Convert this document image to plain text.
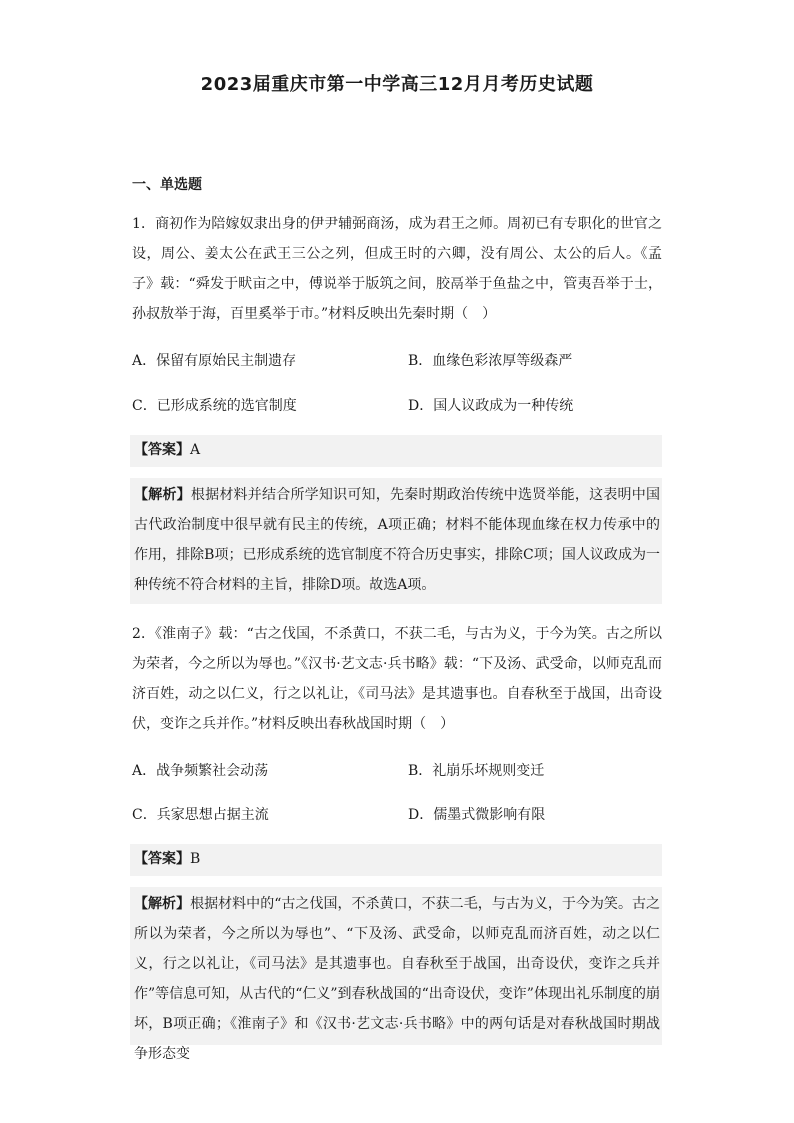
2023届重庆市第一中学高三12月月考历史试题
一、单选题

1．商初作为陪嫁奴隶出身的伊尹辅弼商汤，成为君王之师。周初已有专职化的世官之设，周公、姜太公在武王三公之列，但成王时的六卿，没有周公、太公的后人。《孟子》载：“舜发于畎亩之中，傅说举于版筑之间，胶鬲举于鱼盐之中，管夷吾举于士，孙叔敖举于海，百里奚举于市。”材料反映出先秦时期（　）

A．保留有原始民主制遗存	B．血缘色彩浓厚等级森严
C．已形成系统的选官制度	D．国人议政成为一种传统
【答案】A
【解析】根据材料并结合所学知识可知，先秦时期政治传统中选贤举能，这表明中国古代政治制度中很早就有民主的传统，A项正确；材料不能体现血缘在权力传承中的作用，排除B项；已形成系统的选官制度不符合历史事实，排除C项；国人议政成为一种传统不符合材料的主旨，排除D项。故选A项。

2．《淮南子》载：“古之伐国，不杀黄口，不获二毛，与古为义，于今为笑。古之所以为荣者，今之所以为辱也。”《汉书·艺文志·兵书略》载：“下及汤、武受命，以师克乱而济百姓，动之以仁义，行之以礼让，《司马法》是其遗事也。自春秋至于战国，出奇设伏，变诈之兵并作。”材料反映出春秋战国时期（　）

A．战争频繁社会动荡	B．礼崩乐坏规则变迁
C．兵家思想占据主流	D．儒墨式微影响有限
【答案】B
【解析】根据材料中的“古之伐国，不杀黄口，不获二毛，与古为义，于今为笑。古之所以为荣者，今之所以为辱也”、“下及汤、武受命，以师克乱而济百姓，动之以仁义，行之以礼让，《司马法》是其遗事也。自春秋至于战国，出奇设伏，变诈之兵并作”等信息可知，从古代的“仁义”到春秋战国的“出奇设伏，变诈”体现出礼乐制度的崩坏，B项正确；《淮南子》和《汉书·艺文志·兵书略》中的两句话是对春秋战国时期战争形态变
